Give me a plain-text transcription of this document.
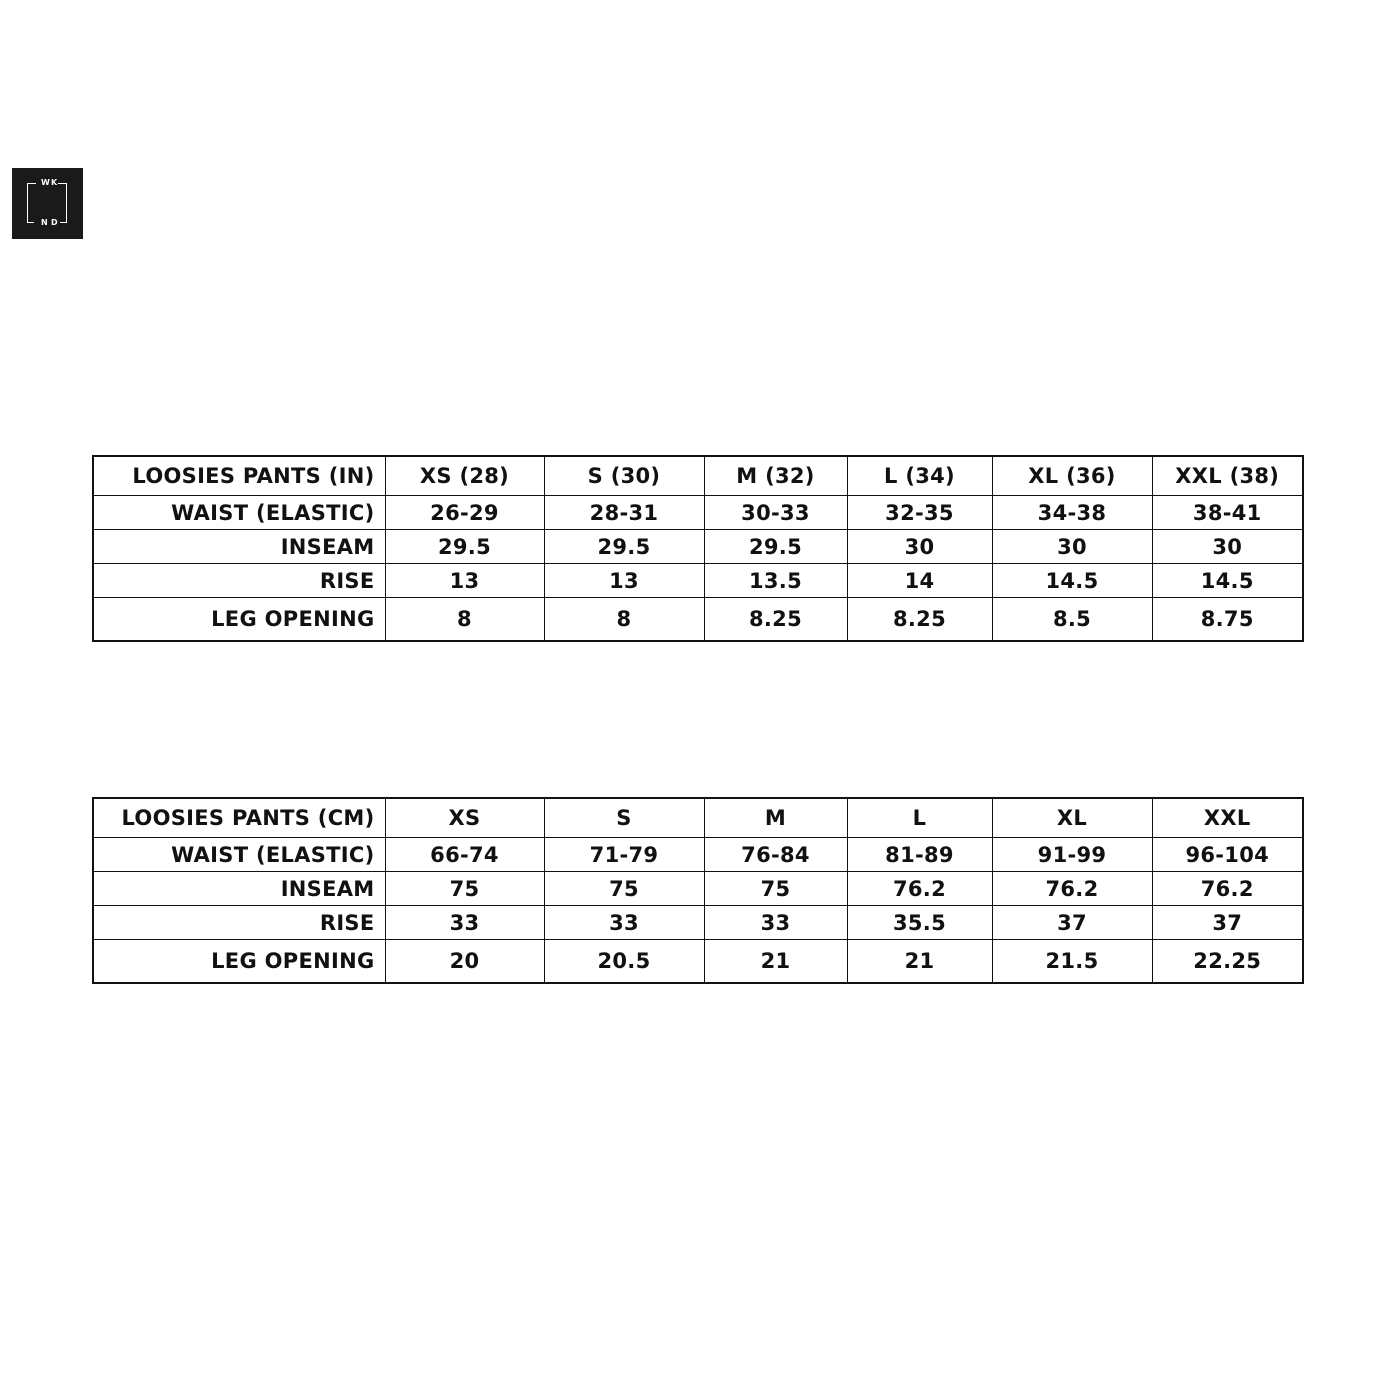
W K
N D
LOOSIES PANTS (IN)	XS (28)	S (30)	M (32)	L (34)	XL (36)	XXL (38)
WAIST (ELASTIC)	26-29	28-31	30-33	32-35	34-38	38-41
INSEAM	29.5	29.5	29.5	30	30	30
RISE	13	13	13.5	14	14.5	14.5
LEG OPENING	8	8	8.25	8.25	8.5	8.75
LOOSIES PANTS (CM)	XS	S	M	L	XL	XXL
WAIST (ELASTIC)	66-74	71-79	76-84	81-89	91-99	96-104
INSEAM	75	75	75	76.2	76.2	76.2
RISE	33	33	33	35.5	37	37
LEG OPENING	20	20.5	21	21	21.5	22.25
